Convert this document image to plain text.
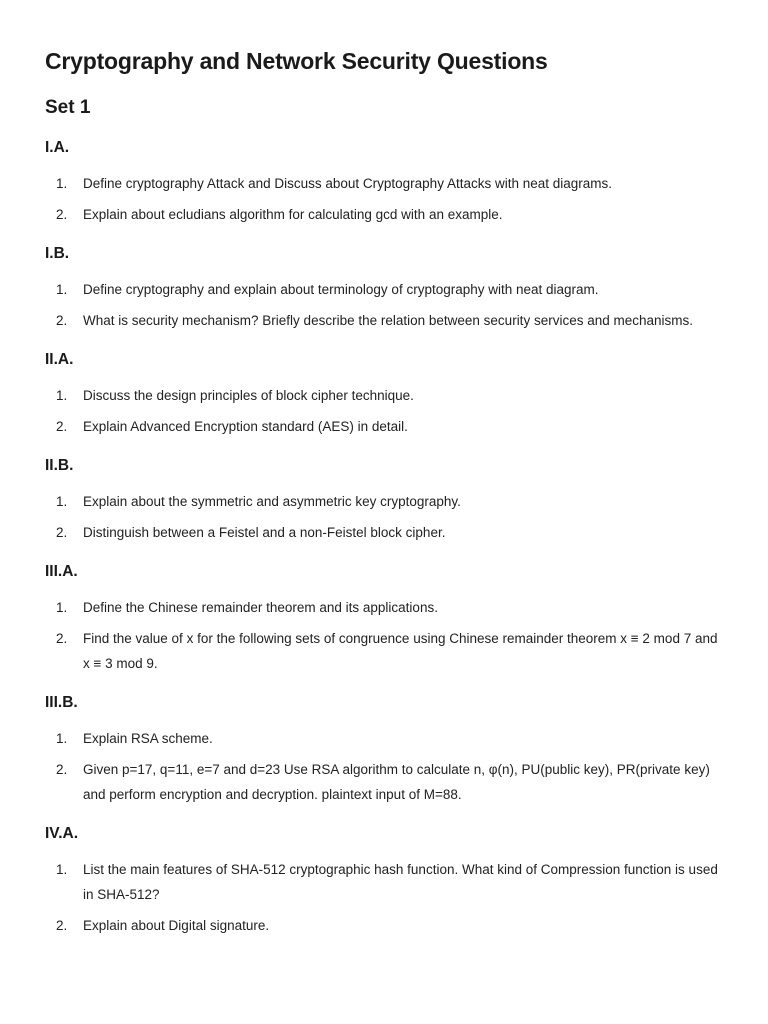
Cryptography and Network Security Questions
Set 1
I.A.
1.	Define cryptography Attack and Discuss about Cryptography Attacks with neat diagrams.
2.	Explain about ecludians algorithm for calculating gcd with an example.
I.B.
1.	Define cryptography and explain about terminology of cryptography with neat diagram.
2.	What is security mechanism? Briefly describe the relation between security services and mechanisms.
II.A.
1.	Discuss the design principles of block cipher technique.
2.	Explain Advanced Encryption standard (AES) in detail.
II.B.
1.	Explain about the symmetric and asymmetric key cryptography.
2.	Distinguish between a Feistel and a non-Feistel block cipher.
III.A.
1.	Define the Chinese remainder theorem and its applications.
2.	Find the value of x for the following sets of congruence using Chinese remainder theorem x ≡ 2 mod 7 and x ≡ 3 mod 9.
III.B.
1.	Explain RSA scheme.
2.	Given p=17, q=11, e=7 and d=23 Use RSA algorithm to calculate n, φ(n), PU(public key), PR(private key) and perform encryption and decryption. plaintext input of M=88.
IV.A.
1.	List the main features of SHA-512 cryptographic hash function. What kind of Compression function is used in SHA-512?
2.	Explain about Digital signature.
